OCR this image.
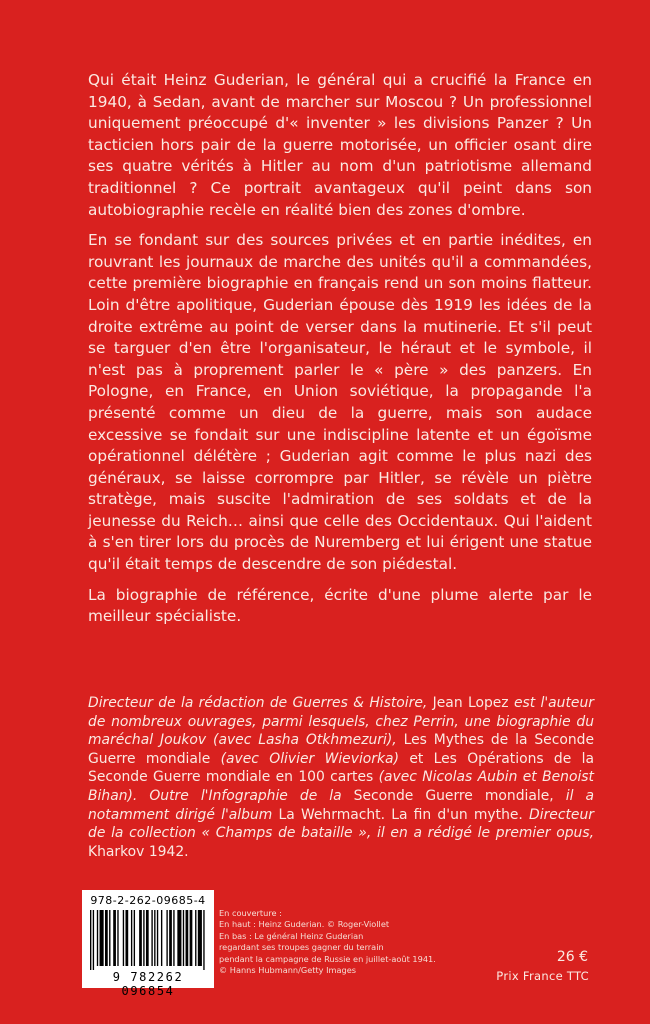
Qui était Heinz Guderian, le général qui a crucifié la France en 1940, à Sedan, avant de marcher sur Moscou ? Un professionnel uniquement préoccupé d'« inventer » les divisions Panzer ? Un tacticien hors pair de la guerre motorisée, un officier osant dire ses quatre vérités à Hitler au nom d'un patriotisme allemand traditionnel ? Ce portrait avantageux qu'il peint dans son autobiographie recèle en réalité bien des zones d'ombre.

En se fondant sur des sources privées et en partie inédites, en rouvrant les journaux de marche des unités qu'il a commandées, cette première biographie en français rend un son moins flatteur. Loin d'être apolitique, Guderian épouse dès 1919 les idées de la droite extrême au point de verser dans la mutinerie. Et s'il peut se targuer d'en être l'organisateur, le héraut et le symbole, il n'est pas à proprement parler le « père » des panzers. En Pologne, en France, en Union soviétique, la propagande l'a présenté comme un dieu de la guerre, mais son audace excessive se fondait sur une indiscipline latente et un égoïsme opérationnel délétère ; Guderian agit comme le plus nazi des généraux, se laisse corrompre par Hitler, se révèle un piètre stratège, mais suscite l'admiration de ses soldats et de la jeunesse du Reich… ainsi que celle des Occidentaux. Qui l'aident à s'en tirer lors du procès de Nuremberg et lui érigent une statue qu'il était temps de descendre de son piédestal.

La biographie de référence, écrite d'une plume alerte par le meilleur spécialiste.

Directeur de la rédaction de Guerres & Histoire, Jean Lopez est l'auteur de nombreux ouvrages, parmi lesquels, chez Perrin, une biographie du maréchal Joukov (avec Lasha Otkhmezuri), Les Mythes de la Seconde Guerre mondiale (avec Olivier Wieviorka) et Les Opérations de la Seconde Guerre mondiale en 100 cartes (avec Nicolas Aubin et Benoist Bihan). Outre l'Infographie de la Seconde Guerre mondiale, il a notamment dirigé l'album La Wehrmacht. La fin d'un mythe. Directeur de la collection « Champs de bataille », il en a rédigé le premier opus, Kharkov 1942.
978-2-262-09685-4
9 782262 096854
En couverture :
En haut : Heinz Guderian. © Roger-Viollet
En bas : Le général Heinz Guderian
regardant ses troupes gagner du terrain
pendant la campagne de Russie en juillet-août 1941.
© Hanns Hubmann/Getty Images
26 €
Prix France TTC
